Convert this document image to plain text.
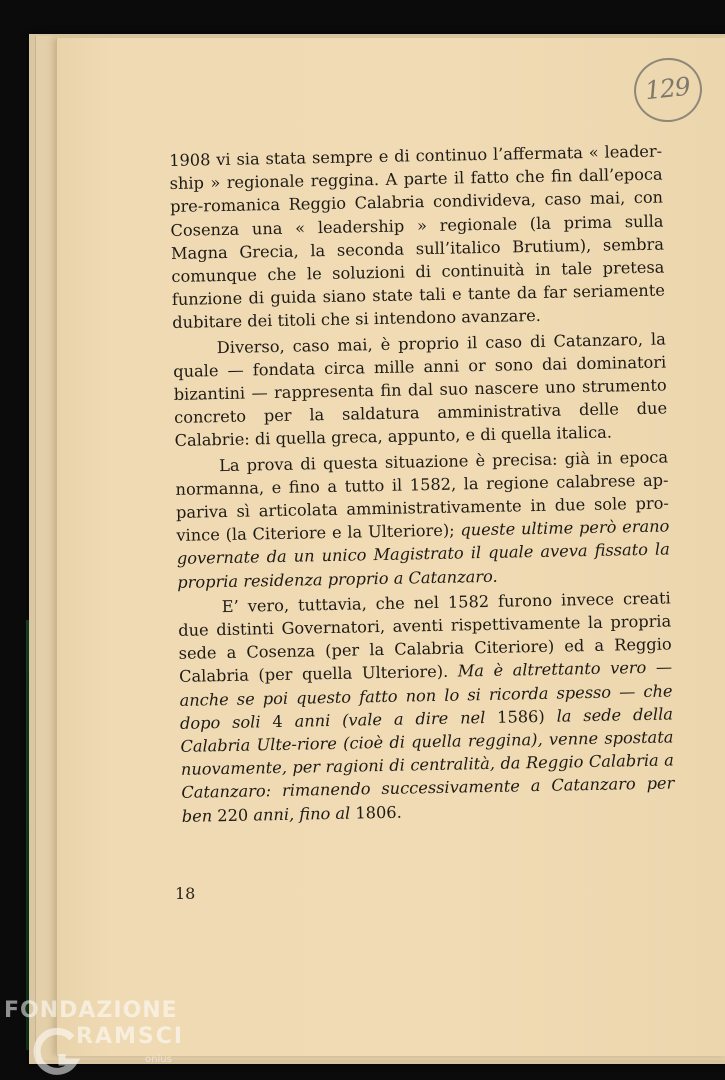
129

1908 vi sia stata sempre e di continuo l’affermata « leader-ship » regionale reggina. A parte il fatto che fin dall’epoca pre-romanica Reggio Calabria condivideva, caso mai, con Cosenza una « leadership » regionale (la prima sulla Magna Grecia, la seconda sull’italico Brutium), sembra comunque che le soluzioni di continuità in tale pretesa funzione di guida siano state tali e tante da far seriamente dubitare dei titoli che si intendono avanzare.

Diverso, caso mai, è proprio il caso di Catanzaro, la quale — fondata circa mille anni or sono dai dominatori bizantini — rappresenta fin dal suo nascere uno strumento concreto per la saldatura amministrativa delle due Calabrie: di quella greca, appunto, e di quella italica.

La prova di questa situazione è precisa: già in epoca normanna, e fino a tutto il 1582, la regione calabrese ap-pariva sì articolata amministrativamente in due sole pro-vince (la Citeriore e la Ulteriore); queste ultime però erano governate da un unico Magistrato il quale aveva fissato la propria residenza proprio a Catanzaro.

E’ vero, tuttavia, che nel 1582 furono invece creati due distinti Governatori, aventi rispettivamente la propria sede a Cosenza (per la Calabria Citeriore) ed a Reggio Calabria (per quella Ulteriore). Ma è altrettanto vero — anche se poi questo fatto non lo si ricorda spesso — che dopo soli 4 anni (vale a dire nel 1586) la sede della Calabria Ulte-riore (cioè di quella reggina), venne spostata nuovamente, per ragioni di centralità, da Reggio Calabria a Catanzaro: rimanendo successivamente a Catanzaro per ben 220 anni, fino al 1806.

18
FONDAZIONE
RAMSCI
onlus
